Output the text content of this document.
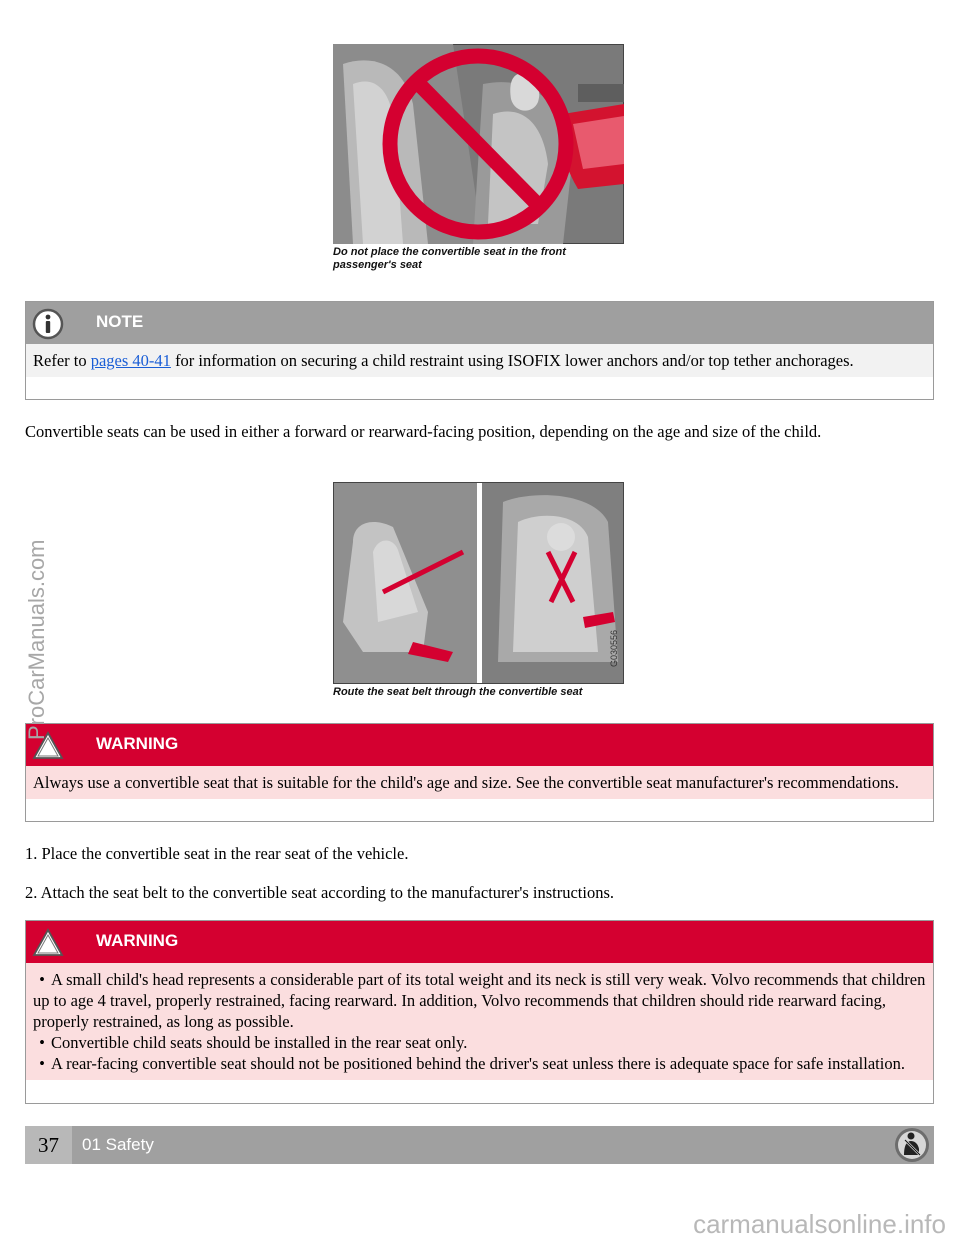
Do not place the convertible seat in the front passenger's seat
NOTE
Refer to pages 40-41 for information on securing a child restraint using ISOFIX lower anchors and/or top tether anchorages.
Convertible seats can be used in either a forward or rearward-facing position, depending on the age and size of the child.
G030556
Route the seat belt through the convertible seat
WARNING
Always use a convertible seat that is suitable for the child's age and size. See the convertible seat manufacturer's recommendations.
1. Place the convertible seat in the rear seat of the vehicle.
2. Attach the seat belt to the convertible seat according to the manufacturer's instructions.
WARNING
• A small child's head represents a considerable part of its total weight and its neck is still very weak. Volvo recommends that children up to age 4 travel, properly restrained, facing rearward. In addition, Volvo recommends that children should ride rearward facing, properly restrained, as long as possible.
• Convertible child seats should be installed in the rear seat only.
• A rear-facing convertible seat should not be positioned behind the driver's seat unless there is adequate space for safe installation.
37	01 Safety
ProCarManuals.com
carmanualsonline.info
